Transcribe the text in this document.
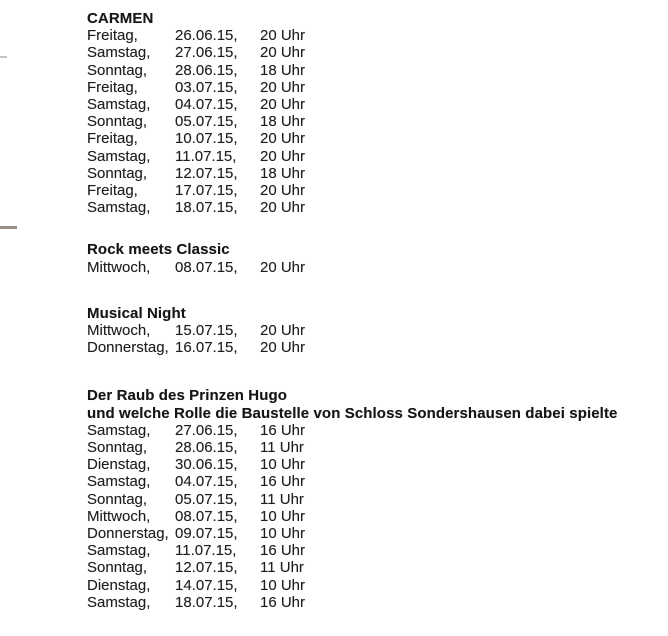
CARMEN
Freitag,	26.06.15,	20 Uhr
Samstag,	27.06.15,	20 Uhr
Sonntag,	28.06.15,	18 Uhr
Freitag,	03.07.15,	20 Uhr
Samstag,	04.07.15,	20 Uhr
Sonntag,	05.07.15,	18 Uhr
Freitag,	10.07.15,	20 Uhr
Samstag,	11.07.15,	20 Uhr
Sonntag,	12.07.15,	18 Uhr
Freitag,	17.07.15,	20 Uhr
Samstag,	18.07.15,	20 Uhr
Rock meets Classic
Mittwoch,	08.07.15,	20 Uhr
Musical Night
Mittwoch,	15.07.15,	20 Uhr
Donnerstag, 16.07.15,	20 Uhr
Der Raub des Prinzen Hugo
und welche Rolle die Baustelle von Schloss Sondershausen dabei spielte
Samstag,	27.06.15,	16 Uhr
Sonntag,	28.06.15,	11 Uhr
Dienstag,	30.06.15,	10 Uhr
Samstag,	04.07.15,	16 Uhr
Sonntag,	05.07.15,	11 Uhr
Mittwoch,	08.07.15,	10 Uhr
Donnerstag, 09.07.15,	10 Uhr
Samstag,	11.07.15,	16 Uhr
Sonntag,	12.07.15,	11 Uhr
Dienstag,	14.07.15,	10 Uhr
Samstag,	18.07.15,	16 Uhr
